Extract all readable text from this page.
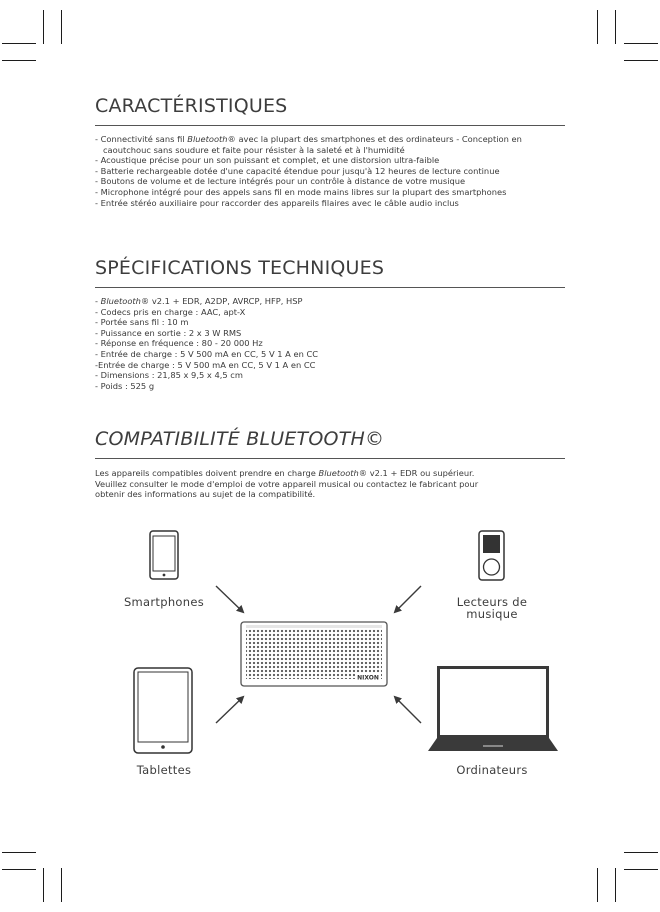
CARACTÉRISTIQUES
- Connectivité sans fil Bluetooth® avec la plupart des smartphones et des ordinateurs - Conception en
caoutchouc sans soudure et faite pour résister à la saleté et à l'humidité
- Acoustique précise pour un son puissant et complet, et une distorsion ultra-faible
- Batterie rechargeable dotée d'une capacité étendue pour jusqu'à 12 heures de lecture continue
- Boutons de volume et de lecture intégrés pour un contrôle à distance de votre musique
- Microphone intégré pour des appels sans fil en mode mains libres sur la plupart des smartphones
- Entrée stéréo auxiliaire pour raccorder des appareils filaires avec le câble audio inclus
SPÉCIFICATIONS TECHNIQUES
- Bluetooth® v2.1 + EDR, A2DP, AVRCP, HFP, HSP
- Codecs pris en charge : AAC, apt-X
- Portée sans fil : 10 m
- Puissance en sortie : 2 x 3 W RMS
- Réponse en fréquence : 80 - 20 000 Hz
- Entrée de charge : 5 V 500 mA en CC, 5 V 1 A en CC
-Entrée de charge : 5 V 500 mA en CC, 5 V 1 A en CC
- Dimensions : 21,85 x 9,5 x 4,5 cm
- Poids : 525 g
COMPATIBILITÉ BLUETOOTH©
Les appareils compatibles doivent prendre en charge Bluetooth® v2.1 + EDR ou supérieur.
Veuillez consulter le mode d'emploi de votre appareil musical ou contactez le fabricant pour
obtenir des informations au sujet de la compatibilité.
Smartphones	Lecteurs de
musique
Tablettes	Ordinateurs
NIXON
